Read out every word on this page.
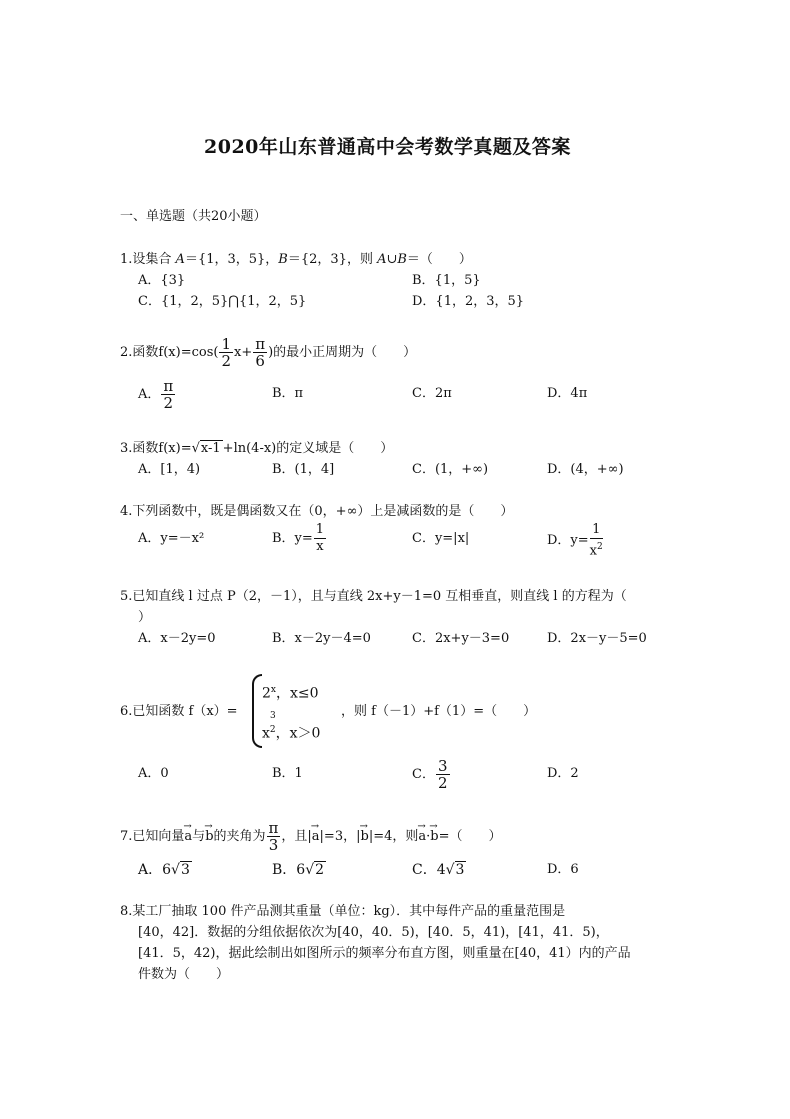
2020年山东普通高中会考数学真题及答案
一、单选题（共20小题）
1.设集合 A＝{1，3，5}，B＝{2，3}，则 A∪B＝（　　）
A．{3}	B．{1，5}
C．{1，2，5}⋂{1，2，5}	D．{1，2，3，5}
2.函数$f(x)=\cos( \frac{1}{2} x+ \frac{\pi}{6}$ )的最小正周期为（　　）
A． $\frac{\pi}{2}$	B．π	C．2π	D．4π
3.函数f(x)=√x-1 +ln(4-x)的定义域是（　　）
A．[1，4)	B．(1，4]	C．(1，+∞)	D．(4，+∞)
4.下列函数中，既是偶函数又在（0，+∞）上是减函数的是（　　）
A．y=－x²	B．$y= \frac{1}{x}$	C．y=|x|	D．$y= \frac{1}{x^2}$
5.已知直线 l 过点 P（2，－1），且与直线 2x+y－1=0 互相垂直，则直线 l 的方程为（
）
A．x－2y=0	B．x－2y－4=0	C．2x+y－3=0	D．2x－y－5=0
6.已知函数 f（x）=
$2^x$，x≤0
$^3$
$x^2$，x＞0
，则 f（－1）+f（1）=（　　）
A．0	B．1	C． $\frac{3}{2}$	D．2
7.已知向量→ a与→ b的夹角为 $\frac{\pi}{3}$ ，且|→ a|=3，|→ b|=4，则→ a·→ b=（　　）
A．6√3	B．6√2	C．4√3	D．6
8.某工厂抽取 100 件产品测其重量（单位：kg）．其中每件产品的重量范围是
[40，42]．数据的分组依据依次为[40，40．5)，[40．5，41)，[41，41．5)，
[41．5，42)，据此绘制出如图所示的频率分布直方图，则重量在[40，41）内的产品
件数为（　　）
